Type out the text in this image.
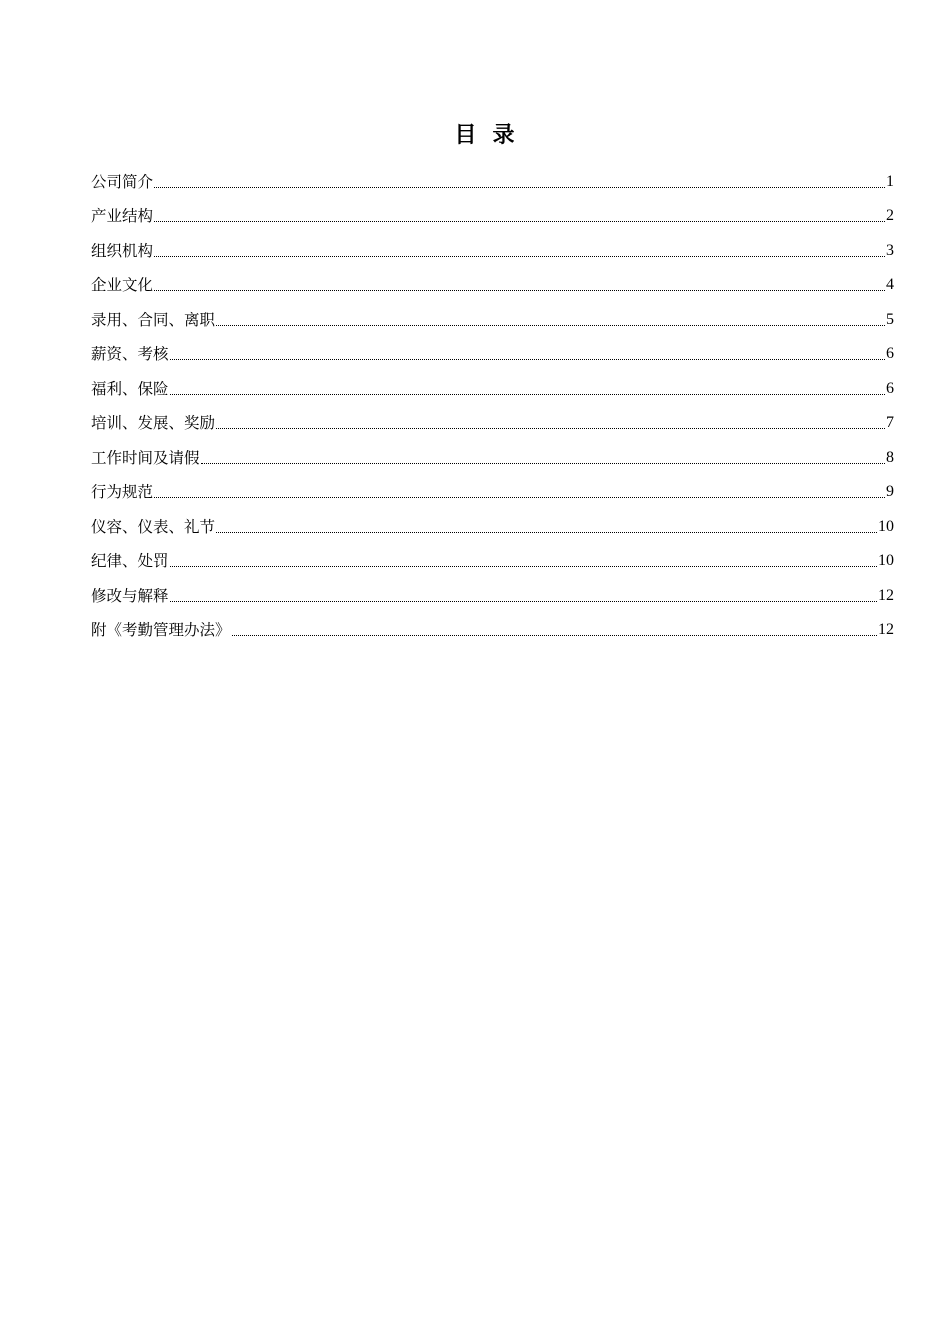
目录
公司简介	1
产业结构	2
组织机构	3
企业文化	4
录用、合同、离职	5
薪资、考核	6
福利、保险	6
培训、发展、奖励	7
工作时间及请假	8
行为规范	9
仪容、仪表、礼节	10
纪律、处罚	10
修改与解释	12
附《考勤管理办法》	12
